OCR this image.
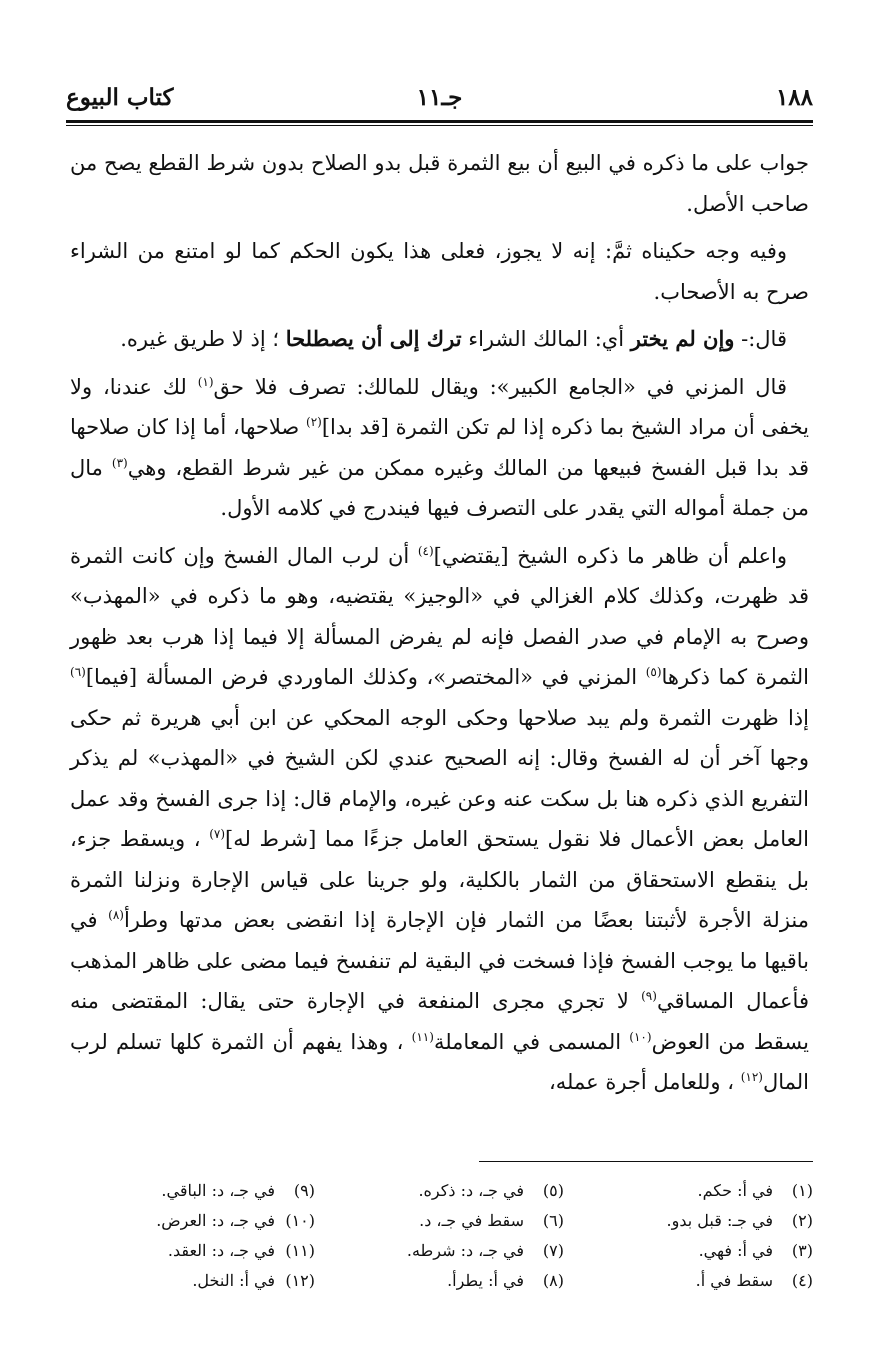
١٨٨
جـ١١
كتاب البيوع

جواب على ما ذكره في البيع أن بيع الثمرة قبل بدو الصلاح بدون شرط القطع يصح من صاحب الأصل.

وفيه وجه حكيناه ثمَّ: إنه لا يجوز، فعلى هذا يكون الحكم كما لو امتنع من الشراء صرح به الأصحاب.

قال:- وإن لم يختر أي: المالك الشراء ترك إلى أن يصطلحا ؛ إذ لا طريق غيره.

قال المزني في «الجامع الكبير»: ويقال للمالك: تصرف فلا حق$^{(١)}$ لك عندنا، ولا يخفى أن مراد الشيخ بما ذكره إذا لم تكن الثمرة [قد بدا]$^{(٢)}$ صلاحها، أما إذا كان صلاحها قد بدا قبل الفسخ فبيعها من المالك وغيره ممكن من غير شرط القطع، وهي$^{(٣)}$ مال من جملة أمواله التي يقدر على التصرف فيها فيندرج في كلامه الأول.

واعلم أن ظاهر ما ذكره الشيخ [يقتضي]$^{(٤)}$ أن لرب المال الفسخ وإن كانت الثمرة قد ظهرت، وكذلك كلام الغزالي في «الوجيز» يقتضيه، وهو ما ذكره في «المهذب» وصرح به الإمام في صدر الفصل فإنه لم يفرض المسألة إلا فيما إذا هرب بعد ظهور الثمرة كما ذكرها$^{(٥)}$ المزني في «المختصر»، وكذلك الماوردي فرض المسألة [فيما]$^{(٦)}$ إذا ظهرت الثمرة ولم يبد صلاحها وحكى الوجه المحكي عن ابن أبي هريرة ثم حكى وجها آخر أن له الفسخ وقال: إنه الصحيح عندي لكن الشيخ في «المهذب» لم يذكر التفريع الذي ذكره هنا بل سكت عنه وعن غيره، والإمام قال: إذا جرى الفسخ وقد عمل العامل بعض الأعمال فلا نقول يستحق العامل جزءًا مما [شرط له]$^{(٧)}$ ، ويسقط جزء، بل ينقطع الاستحقاق من الثمار بالكلية، ولو جرينا على قياس الإجارة ونزلنا الثمرة منزلة الأجرة لأثبتنا بعضًا من الثمار فإن الإجارة إذا انقضى بعض مدتها وطرأ$^{(٨)}$ في باقيها ما يوجب الفسخ فإذا فسخت في البقية لم تنفسخ فيما مضى على ظاهر المذهب فأعمال المساقي$^{(٩)}$ لا تجري مجرى المنفعة في الإجارة حتى يقال: المقتضى منه يسقط من العوض$^{(١٠)}$ المسمى في المعاملة$^{(١١)}$ ، وهذا يفهم أن الثمرة كلها تسلم لرب المال$^{(١٢)}$ ، وللعامل أجرة عمله،

(١)في أ: حكم.
(٢)في جـ: قبل بدو.
(٣)في أ: فهي.
(٤)سقط في أ.
(٥)في جـ، د: ذكره.
(٦)سقط في جـ، د.
(٧)في جـ، د: شرطه.
(٨)في أ: يطرأ.
(٩)في جـ، د: الباقي.
(١٠)في جـ، د: العرض.
(١١)في جـ، د: العقد.
(١٢)في أ: النخل.
